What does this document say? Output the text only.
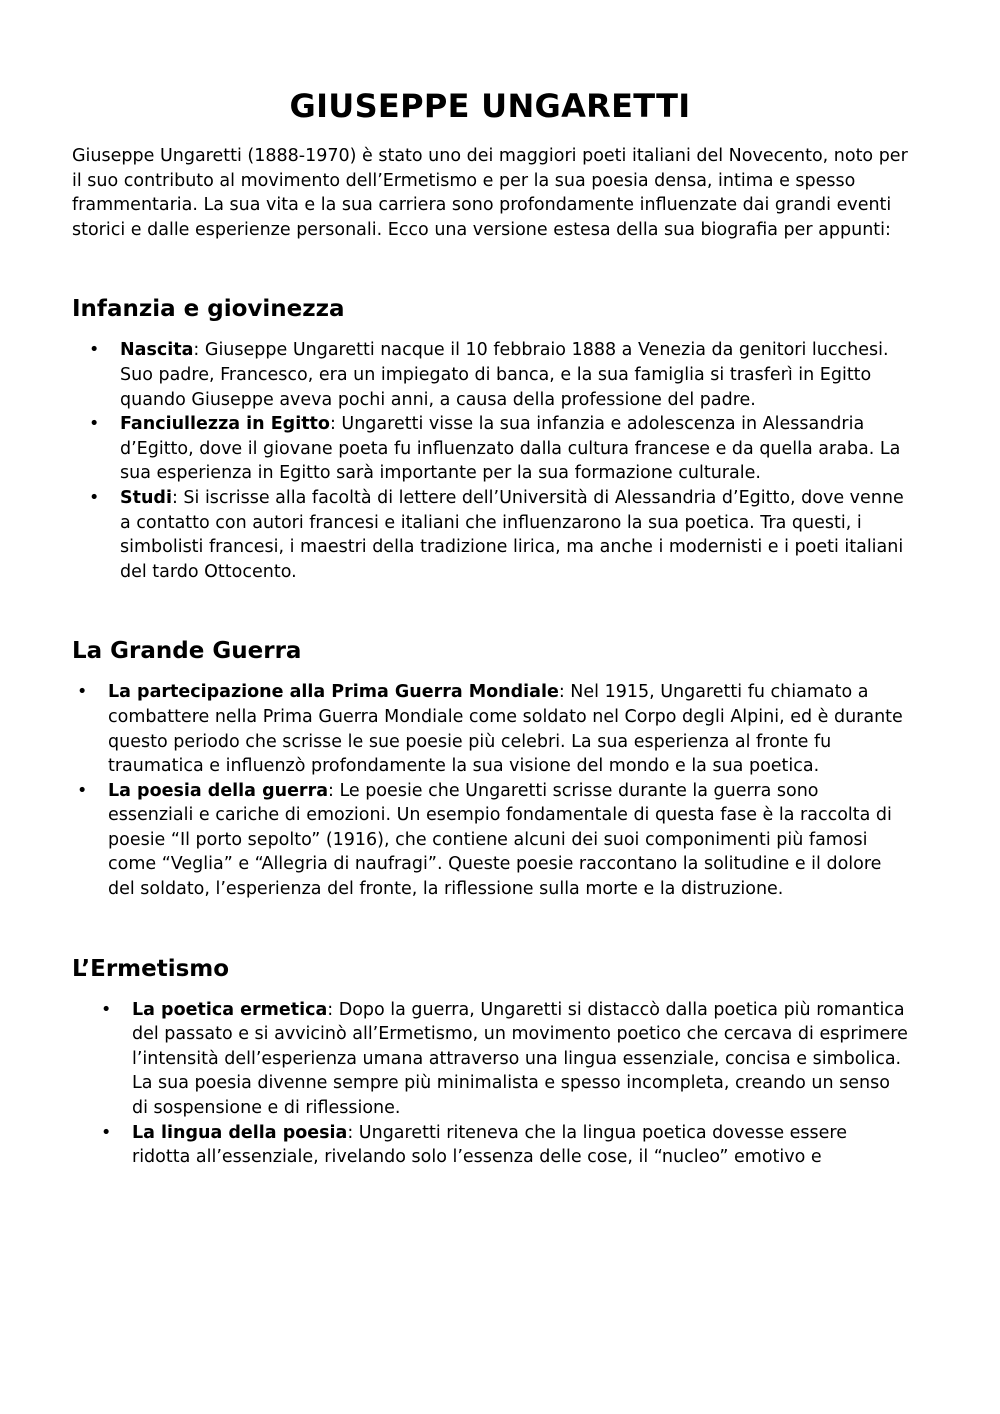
GIUSEPPE UNGARETTI

Giuseppe Ungaretti (1888-1970) è stato uno dei maggiori poeti italiani del Novecento, noto per il suo contributo al movimento dell’Ermetismo e per la sua poesia densa, intima e spesso frammentaria. La sua vita e la sua carriera sono profondamente influenzate dai grandi eventi storici e dalle esperienze personali. Ecco una versione estesa della sua biografia per appunti:

Infanzia e giovinezza
• Nascita: Giuseppe Ungaretti nacque il 10 febbraio 1888 a Venezia da genitori lucchesi. Suo padre, Francesco, era un impiegato di banca, e la sua famiglia si trasferì in Egitto quando Giuseppe aveva pochi anni, a causa della professione del padre.
• Fanciullezza in Egitto: Ungaretti visse la sua infanzia e adolescenza in Alessandria d’Egitto, dove il giovane poeta fu influenzato dalla cultura francese e da quella araba. La sua esperienza in Egitto sarà importante per la sua formazione culturale.
• Studi: Si iscrisse alla facoltà di lettere dell’Università di Alessandria d’Egitto, dove venne a contatto con autori francesi e italiani che influenzarono la sua poetica. Tra questi, i simbolisti francesi, i maestri della tradizione lirica, ma anche i modernisti e i poeti italiani del tardo Ottocento.
La Grande Guerra
• La partecipazione alla Prima Guerra Mondiale: Nel 1915, Ungaretti fu chiamato a combattere nella Prima Guerra Mondiale come soldato nel Corpo degli Alpini, ed è durante questo periodo che scrisse le sue poesie più celebri. La sua esperienza al fronte fu traumatica e influenzò profondamente la sua visione del mondo e la sua poetica.
• La poesia della guerra: Le poesie che Ungaretti scrisse durante la guerra sono essenziali e cariche di emozioni. Un esempio fondamentale di questa fase è la raccolta di poesie “Il porto sepolto” (1916), che contiene alcuni dei suoi componimenti più famosi come “Veglia” e “Allegria di naufragi”. Queste poesie raccontano la solitudine e il dolore del soldato, l’esperienza del fronte, la riflessione sulla morte e la distruzione.
L’Ermetismo
• La poetica ermetica: Dopo la guerra, Ungaretti si distaccò dalla poetica più romantica del passato e si avvicinò all’Ermetismo, un movimento poetico che cercava di esprimere l’intensità dell’esperienza umana attraverso una lingua essenziale, concisa e simbolica. La sua poesia divenne sempre più minimalista e spesso incompleta, creando un senso di sospensione e di riflessione.
• La lingua della poesia: Ungaretti riteneva che la lingua poetica dovesse essere ridotta all’essenziale, rivelando solo l’essenza delle cose, il “nucleo” emotivo e
